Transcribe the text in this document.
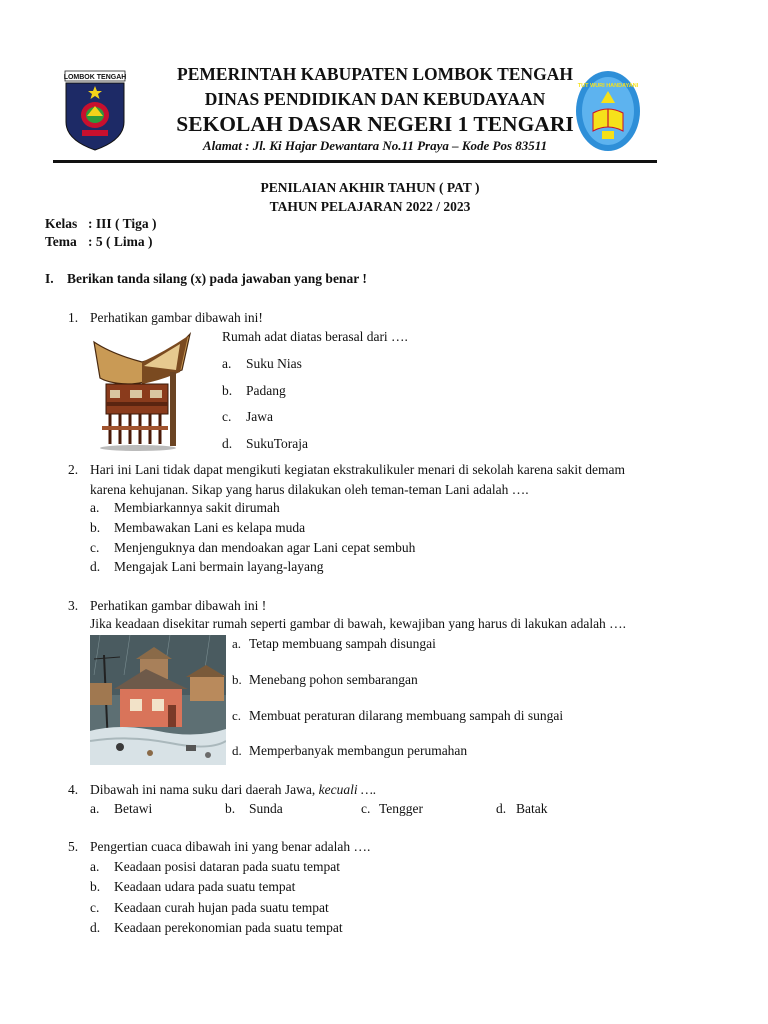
LOMBOK TENGAH
TUT WURI HANDAYANI
PEMERINTAH KABUPATEN LOMBOK TENGAH
DINAS PENDIDIKAN DAN KEBUDAYAAN
SEKOLAH DASAR NEGERI 1 TENGARI
Alamat : Jl. Ki Hajar Dewantara No.11 Praya – Kode Pos 83511
PENILAIAN AKHIR TAHUN ( PAT )
TAHUN PELAJARAN 2022 / 2023
Kelas : III ( Tiga )
Tema : 5 ( Lima )
I. Berikan tanda silang (x) pada jawaban yang benar !
1. Perhatikan gambar dibawah ini!
Rumah adat diatas berasal dari ….
a. Suku Nias
b. Padang
c. Jawa
d. SukuToraja
2. Hari ini Lani tidak dapat mengikuti kegiatan ekstrakulikuler menari di sekolah karena sakit demam
karena kehujanan. Sikap yang harus dilakukan oleh teman-teman Lani adalah ….
a. Membiarkannya sakit dirumah
b. Membawakan Lani es kelapa muda
c. Menjenguknya dan mendoakan agar Lani cepat sembuh
d. Mengajak Lani bermain layang-layang
3. Perhatikan gambar dibawah ini !
Jika keadaan disekitar rumah seperti gambar di bawah, kewajiban yang harus di lakukan adalah ….
a. Tetap membuang sampah disungai
b. Menebang pohon sembarangan
c. Membuat peraturan dilarang membuang sampah di sungai
d. Memperbanyak membangun perumahan
4. Dibawah ini nama suku dari daerah Jawa, kecuali ….
a. Betawi	b. Sunda	c. Tengger	d. Batak
5. Pengertian cuaca dibawah ini yang benar adalah ….
a. Keadaan posisi dataran pada suatu tempat
b. Keadaan udara pada suatu tempat
c. Keadaan curah hujan pada suatu tempat
d. Keadaan perekonomian pada suatu tempat
